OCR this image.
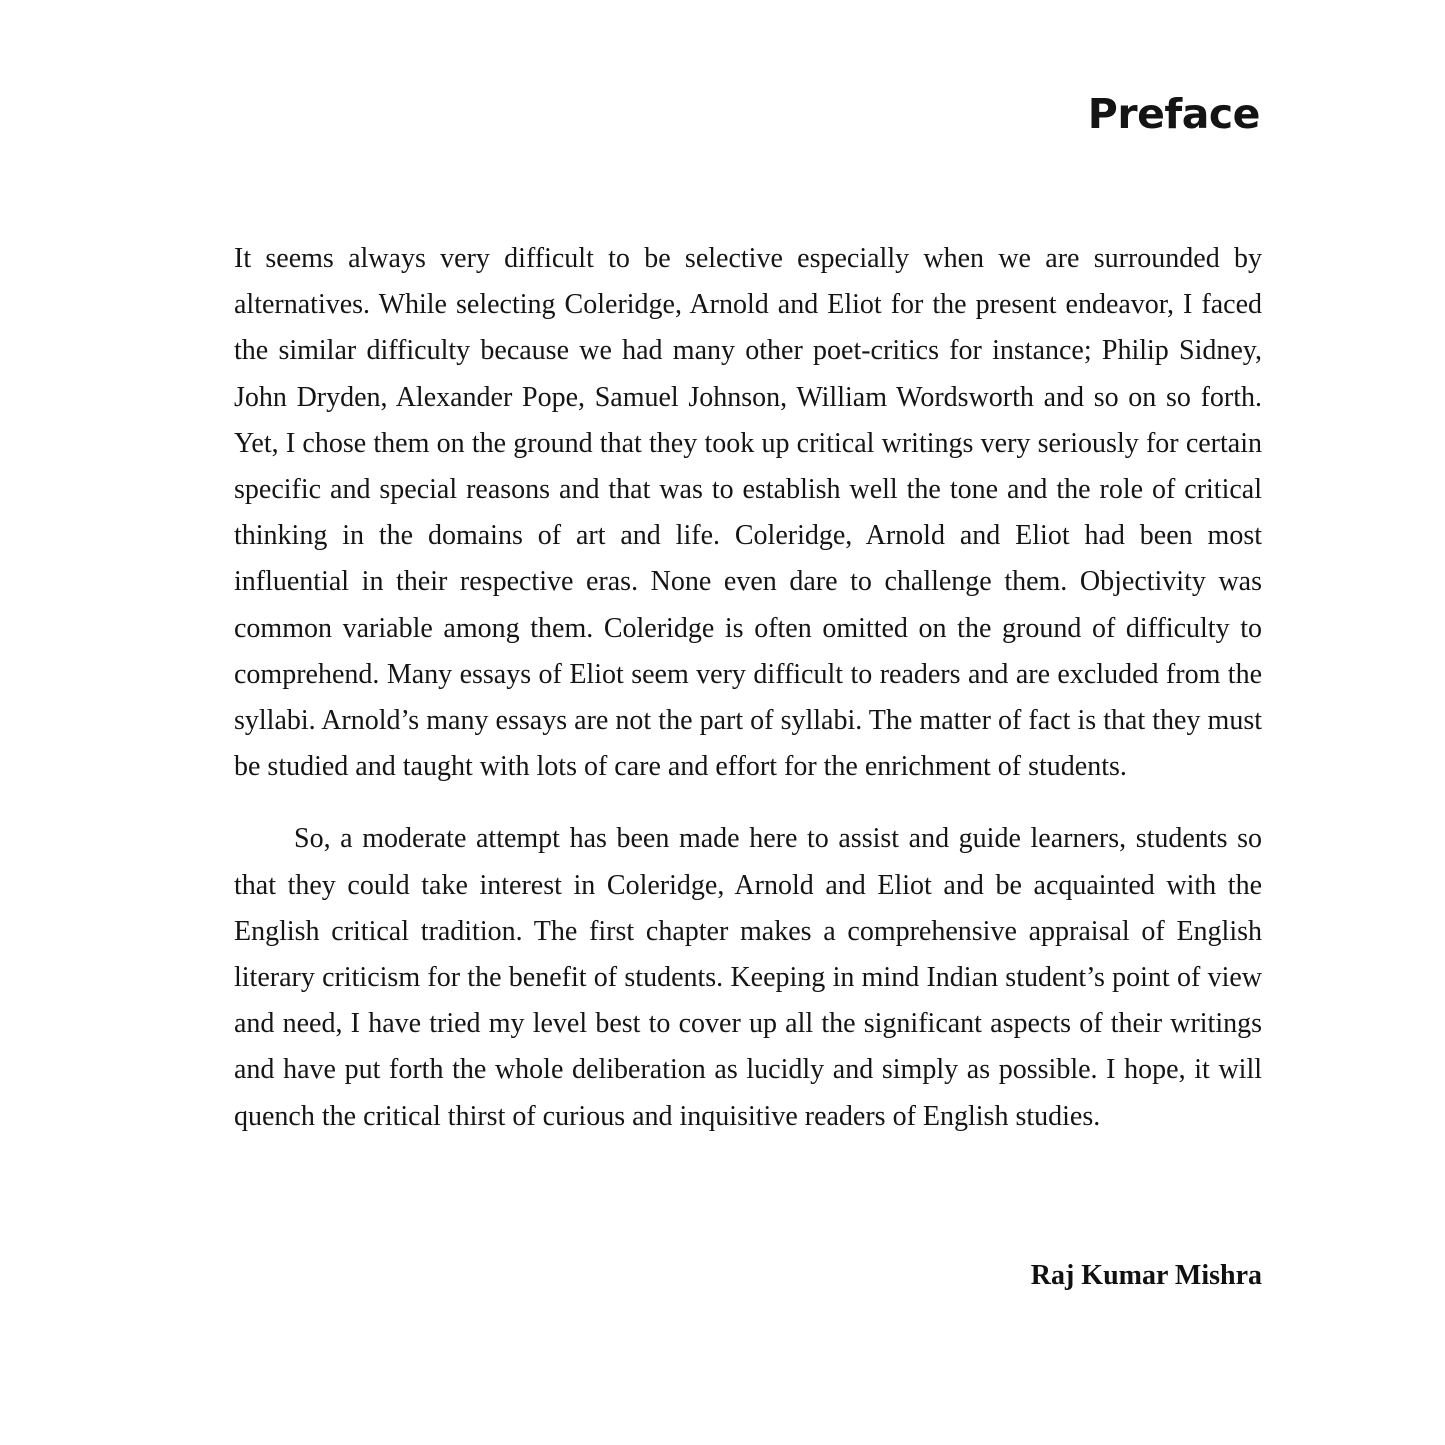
Preface

It seems always very difficult to be selective especially when we are surrounded by alternatives. While selecting Coleridge, Arnold and Eliot for the present endeavor, I faced the similar difficulty because we had many other poet-critics for instance; Philip Sidney, John Dryden, Alexander Pope, Samuel Johnson, William Wordsworth and so on so forth. Yet, I chose them on the ground that they took up critical writings very seriously for certain specific and special reasons and that was to establish well the tone and the role of critical thinking in the domains of art and life. Coleridge, Arnold and Eliot had been most influential in their respective eras. None even dare to challenge them. Objectivity was common variable among them. Coleridge is often omitted on the ground of difficulty to comprehend. Many essays of Eliot seem very difficult to readers and are excluded from the syllabi. Arnold’s many essays are not the part of syllabi. The matter of fact is that they must be studied and taught with lots of care and effort for the enrichment of students.

So, a moderate attempt has been made here to assist and guide learners, students so that they could take interest in Coleridge, Arnold and Eliot and be acquainted with the English critical tradition. The first chapter makes a comprehensive appraisal of English literary criticism for the benefit of students. Keeping in mind Indian student’s point of view and need, I have tried my level best to cover up all the significant aspects of their writings and have put forth the whole deliberation as lucidly and simply as possible. I hope, it will quench the critical thirst of curious and inquisitive readers of English studies.

Raj Kumar Mishra
